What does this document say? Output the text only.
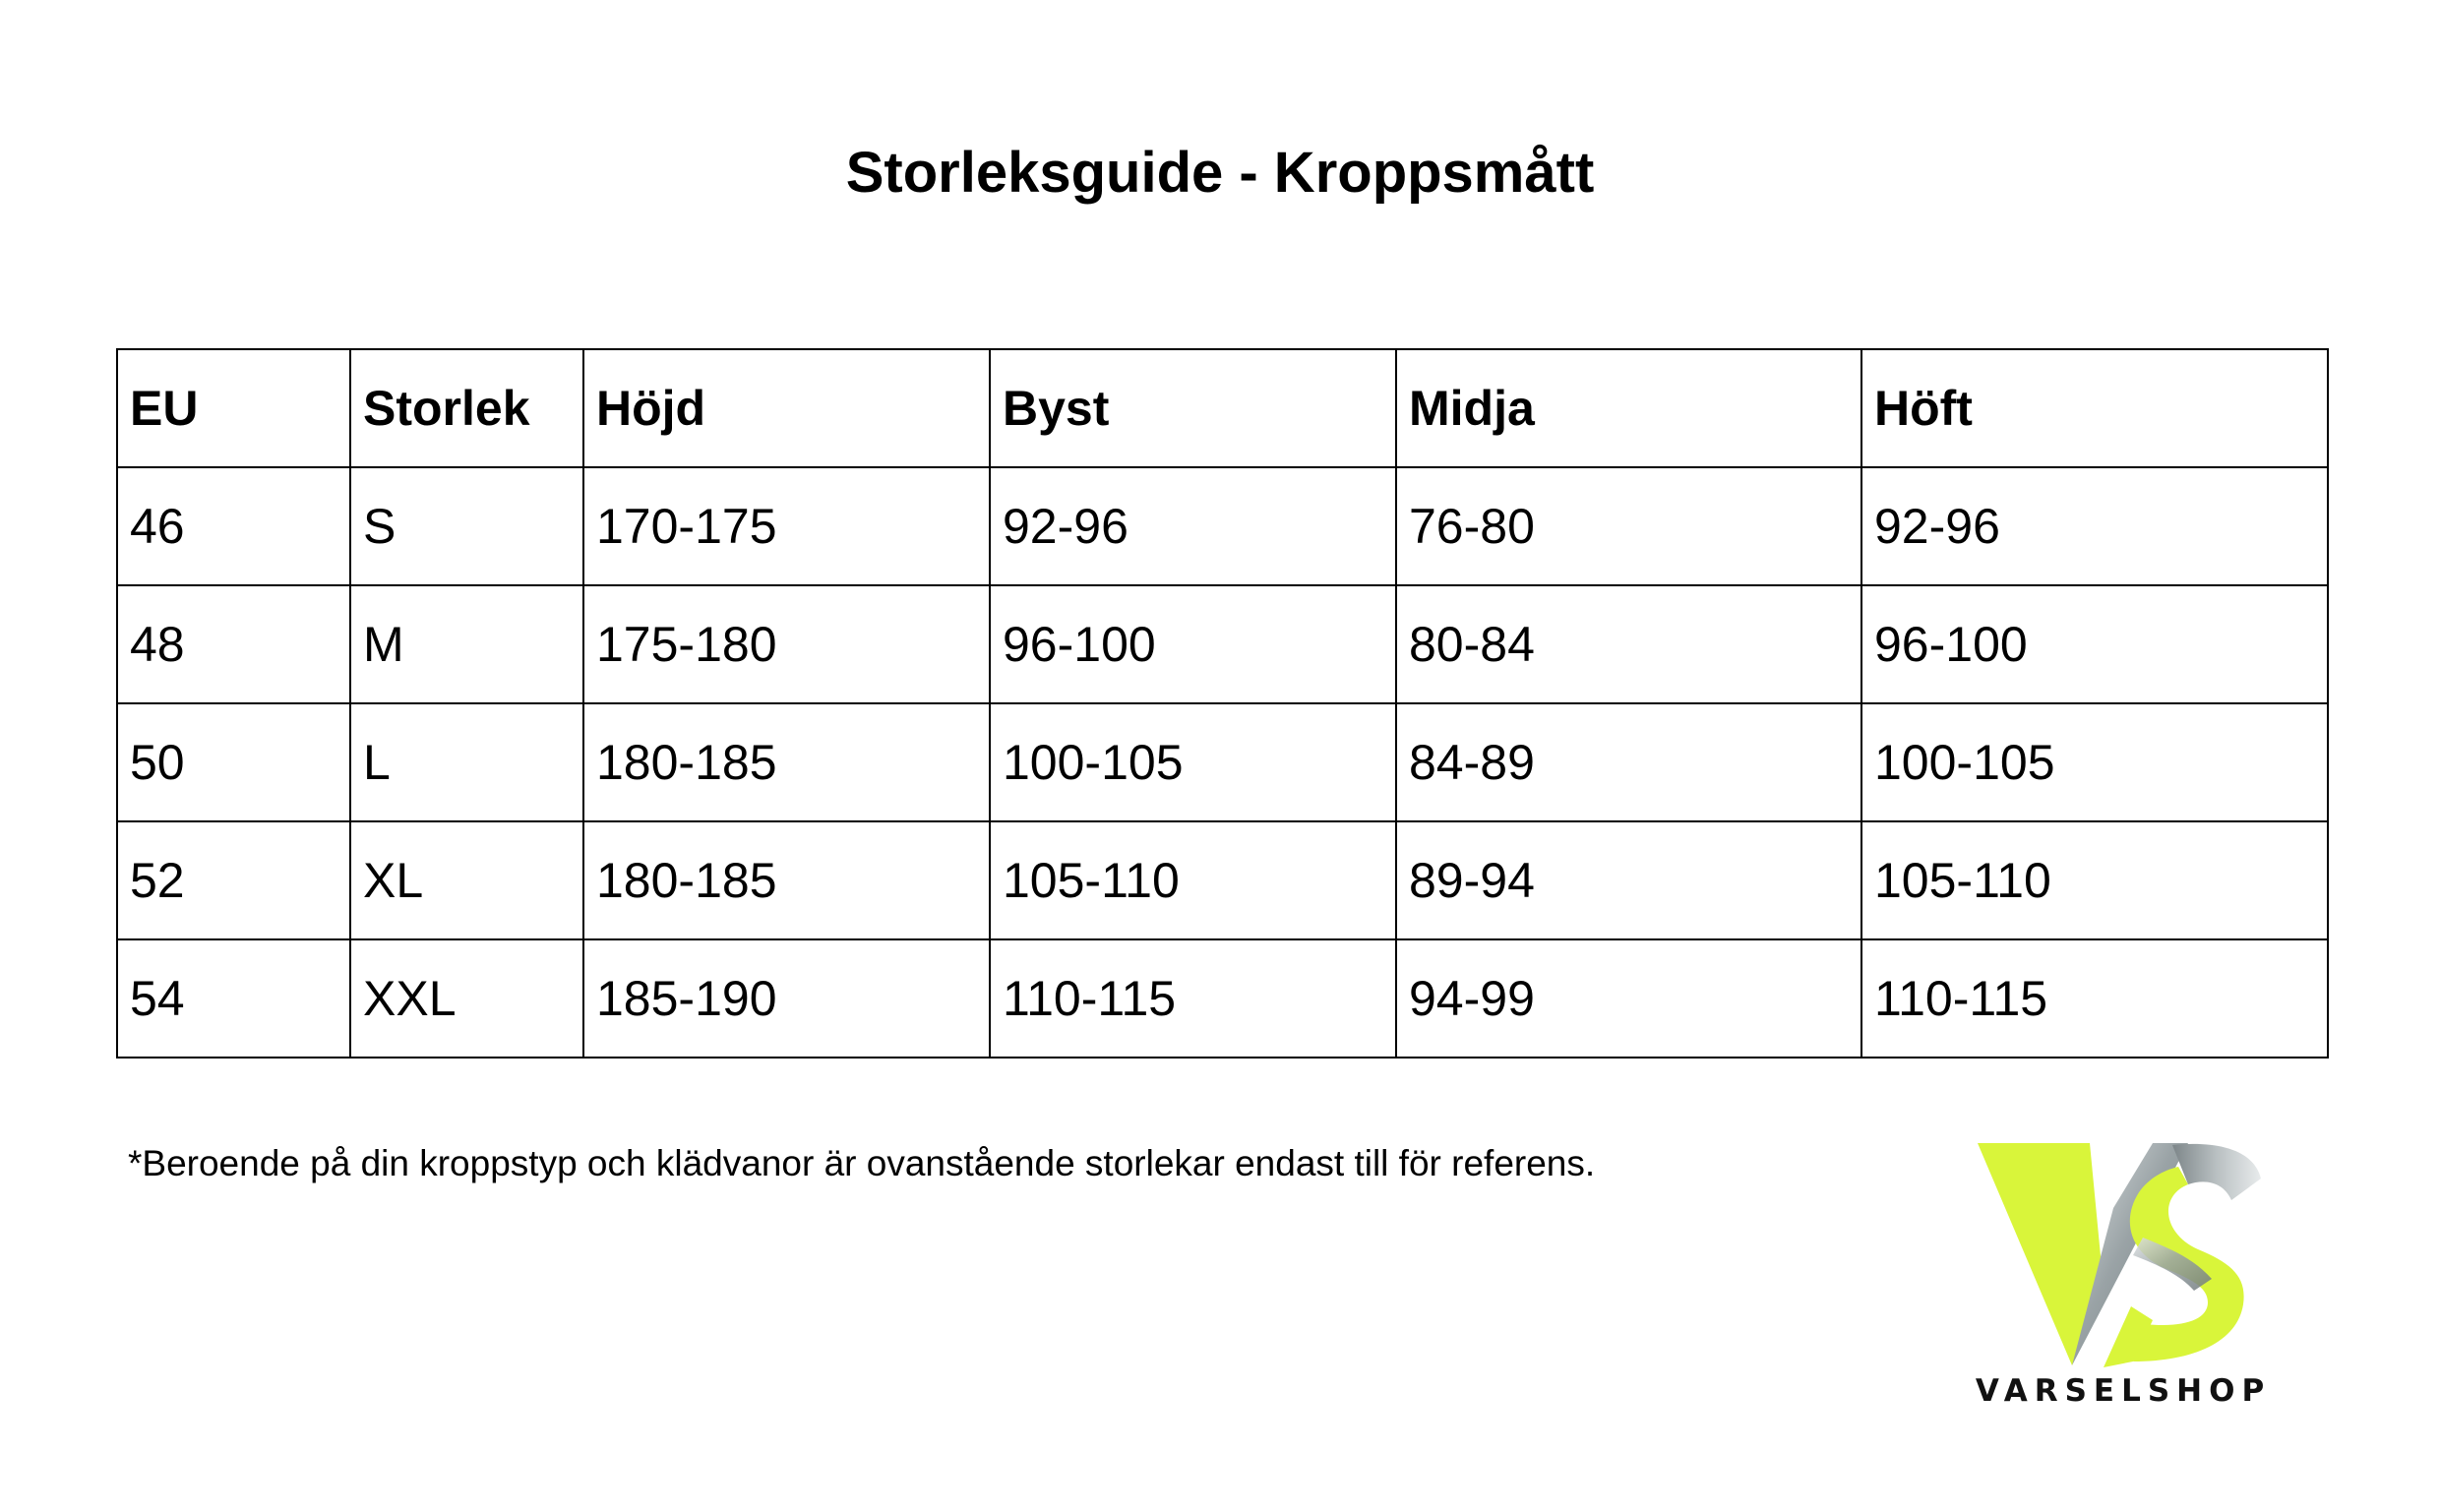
Storleksguide - Kroppsmått
EU	Storlek	Höjd	Byst	Midja	Höft
46	S	170-175	92-96	76-80	92-96
48	M	175-180	96-100	80-84	96-100
50	L	180-185	100-105	84-89	100-105
52	XL	180-185	105-110	89-94	105-110
54	XXL	185-190	110-115	94-99	110-115
*Beroende på din kroppstyp och klädvanor är ovanstående storlekar endast till för referens.
VARSELSHOP
